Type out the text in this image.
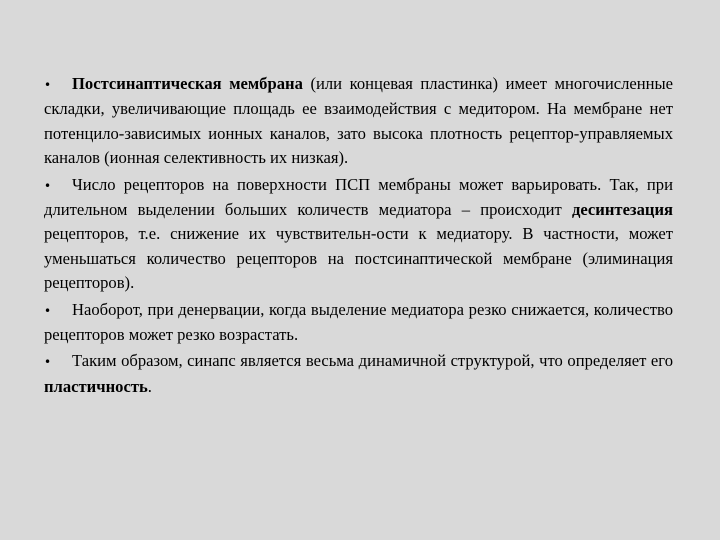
• Постсинаптическая мембрана (или концевая пластинка) имеет многочисленные складки, увеличивающие площадь ее взаимодействия с медитором. На мембране нет потенцило-зависимых ионных каналов, зато высока плотность рецептор-управляемых каналов (ионная селективность их низкая).

• Число рецепторов на поверхности ПСП мембраны может варьировать. Так, при длительном выделении больших количеств медиатора – происходит десинтезация рецепторов, т.е. снижение их чувствительн-ости к медиатору. В частности, может уменьшаться количество рецепторов на постсинаптической мембране (элиминация рецепторов).

• Наоборот, при денервации, когда выделение медиатора резко снижается, количество рецепторов может резко возрастать.

• Таким образом, синапс является весьма динамичной структурой, что определяет его пластичность.
